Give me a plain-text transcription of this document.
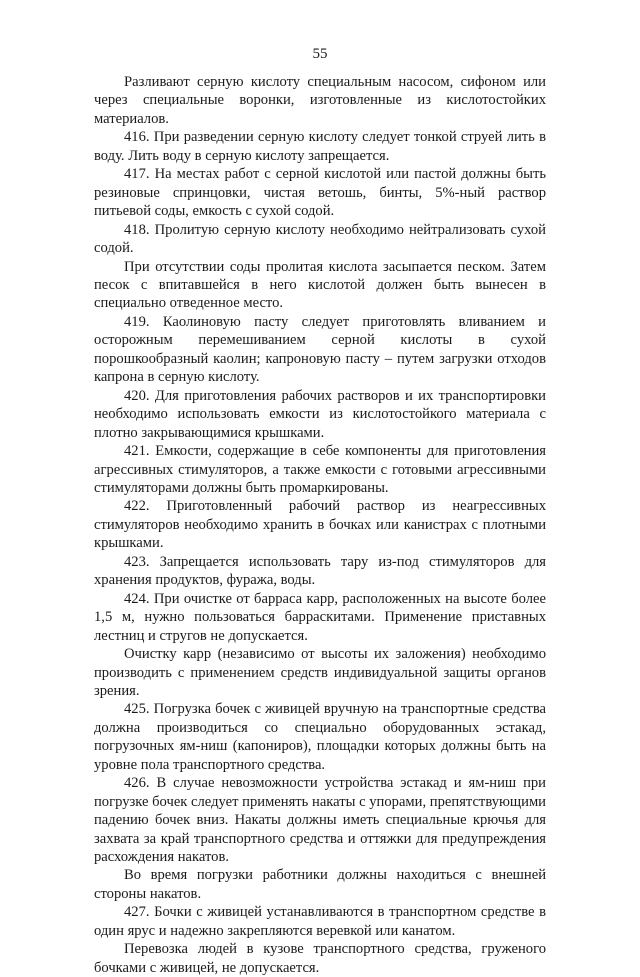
55

Разливают серную кислоту специальным насосом, сифоном или через специальные воронки, изготовленные из кислотостойких материалов.

416. При разведении серную кислоту следует тонкой струей лить в воду. Лить воду в серную кислоту запрещается.

417. На местах работ с серной кислотой или пастой должны быть резиновые спринцовки, чистая ветошь, бинты, 5%-ный раствор питьевой соды, емкость с сухой содой.

418. Пролитую серную кислоту необходимо нейтрализовать сухой содой.

При отсутствии соды пролитая кислота засыпается песком. Затем песок с впитавшейся в него кислотой должен быть вынесен в специально отведенное место.

419. Каолиновую пасту следует приготовлять вливанием и осторожным перемешиванием серной кислоты в сухой порошкообразный каолин; капроновую пасту – путем загрузки отходов капрона в серную кислоту.

420. Для приготовления рабочих растворов и их транспортировки необходимо использовать емкости из кислотостойкого материала с плотно закрывающимися крышками.

421. Емкости, содержащие в себе компоненты для приготовления агрессивных стимуляторов, а также емкости с готовыми агрессивными стимуляторами должны быть промаркированы.

422. Приготовленный рабочий раствор из неагрессивных стимуляторов необходимо хранить в бочках или канистрах с плотными крышками.

423. Запрещается использовать тару из-под стимуляторов для хранения продуктов, фуража, воды.

424. При очистке от барраса карр, расположенных на высоте более 1,5 м, нужно пользоваться барраскитами. Применение приставных лестниц и стругов не допускается.

Очистку карр (независимо от высоты их заложения) необходимо производить с применением средств индивидуальной защиты органов зрения.

425. Погрузка бочек с живицей вручную на транспортные средства должна производиться со специально оборудованных эстакад, погрузочных ям-ниш (капониров), площадки которых должны быть на уровне пола транспортного средства.

426. В случае невозможности устройства эстакад и ям-ниш при погрузке бочек следует применять накаты с упорами, препятствующими падению бочек вниз. Накаты должны иметь специальные крючья для захвата за край транспортного средства и оттяжки для предупреждения расхождения накатов.

Во время погрузки работники должны находиться с внешней стороны накатов.

427. Бочки с живицей устанавливаются в транспортном средстве в один ярус и надежно закрепляются веревкой или канатом.

Перевозка людей в кузове транспортного средства, груженого бочками с живицей, не допускается.
